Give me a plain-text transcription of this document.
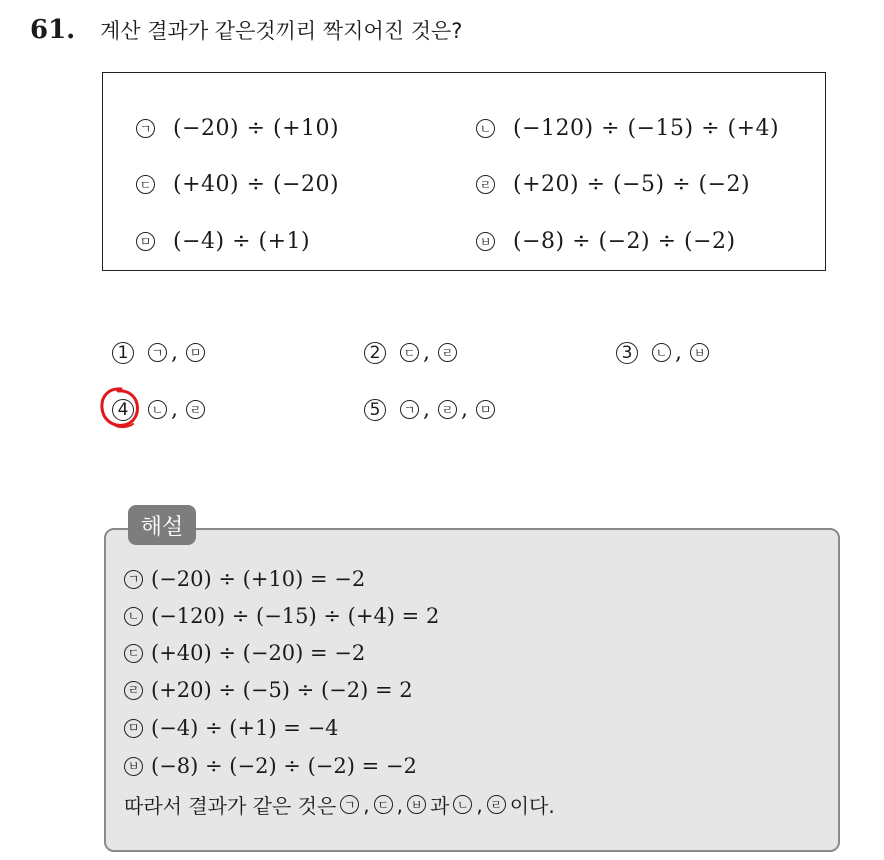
61.	계산 결과가 같은것끼리 짝지어진 것은?
ㄱ (−20) ÷ (+10)	ㄴ (−120) ÷ (−15) ÷ (+4)
ㄷ (+40) ÷ (−20)	ㄹ (+20) ÷ (−5) ÷ (−2)
ㅁ (−4) ÷ (+1)	ㅂ (−8) ÷ (−2) ÷ (−2)
1	ㄱ , ㅁ	2	ㄷ , ㄹ	3	ㄴ , ㅂ
4	ㄴ , ㄹ	5	ㄱ , ㄹ , ㅁ
해설
ㄱ (−20) ÷ (+10) = −2
ㄴ (−120) ÷ (−15) ÷ (+4) = 2
ㄷ (+40) ÷ (−20) = −2
ㄹ (+20) ÷ (−5) ÷ (−2) = 2
ㅁ (−4) ÷ (+1) = −4
ㅂ (−8) ÷ (−2) ÷ (−2) = −2
따라서 결과가 같은 것은 ㄱ , ㄷ , ㅂ 과 ㄴ , ㄹ 이다.
